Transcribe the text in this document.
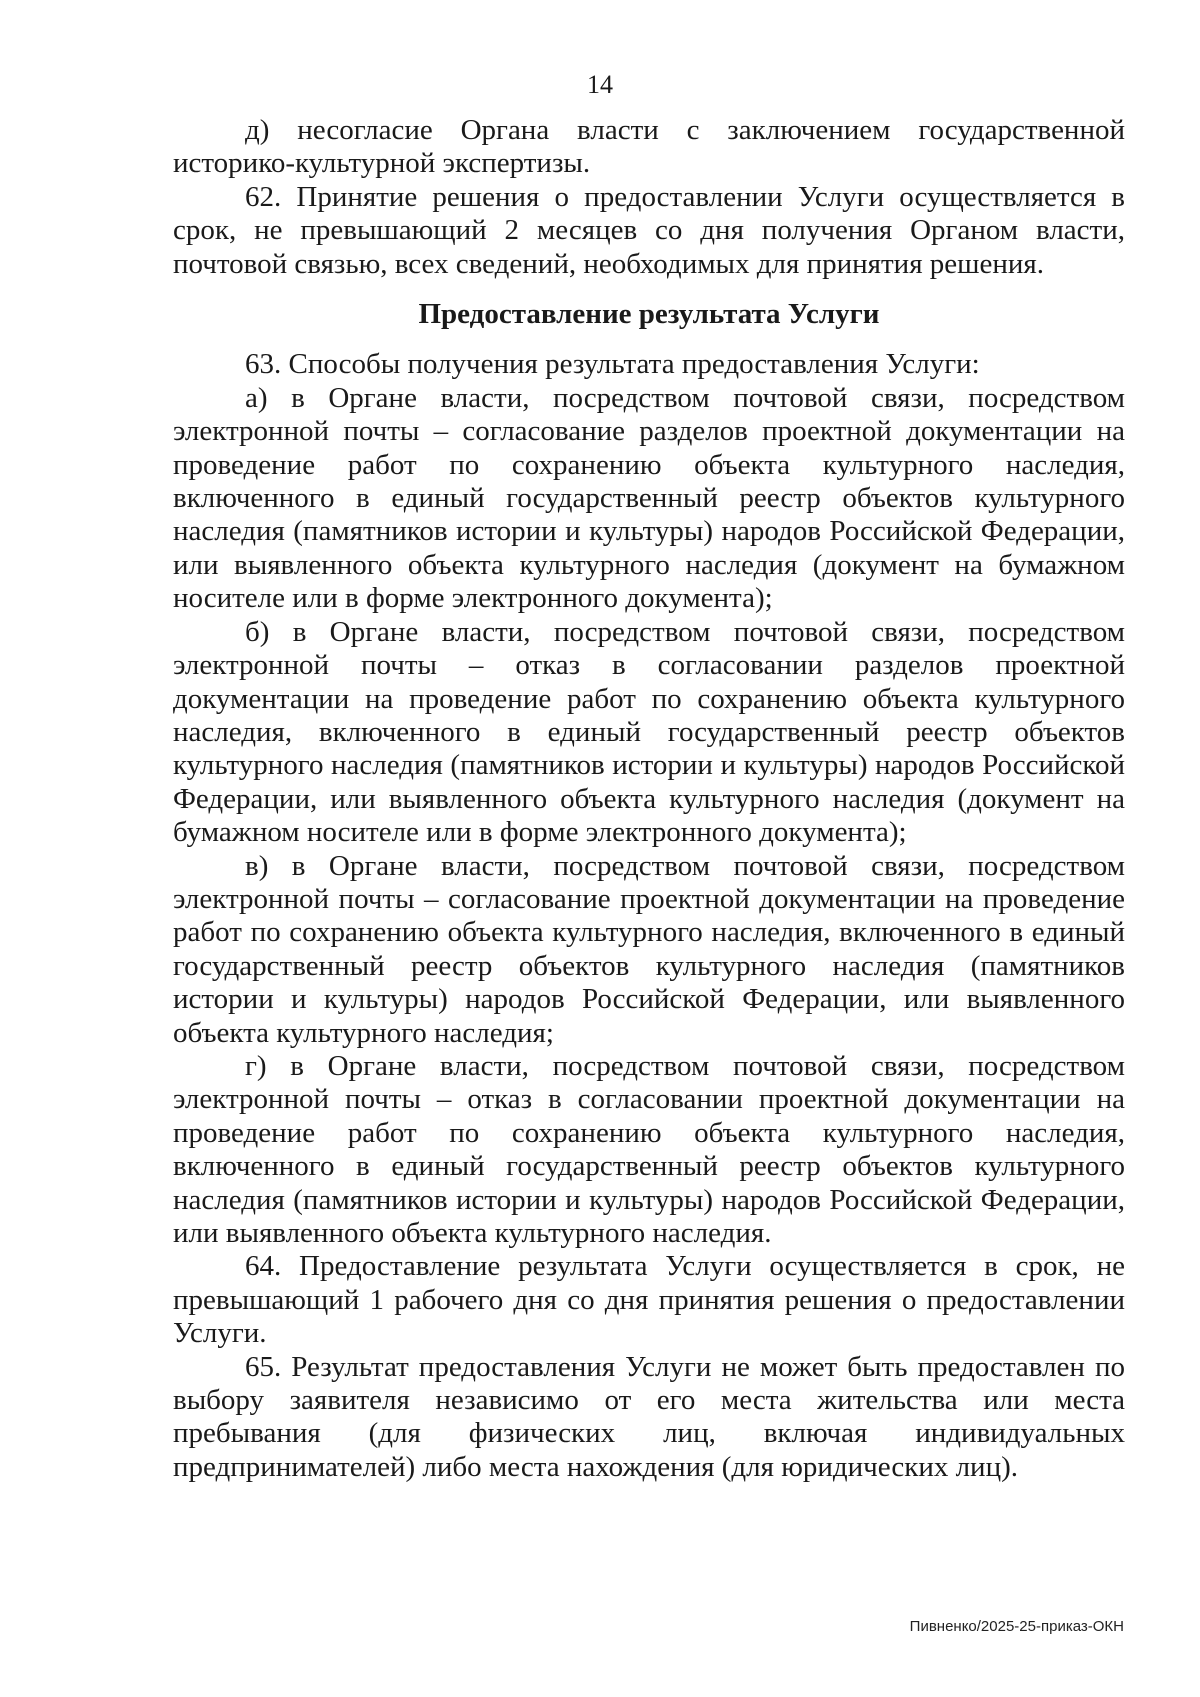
14

д) несогласие Органа власти с заключением государственной историко-культурной экспертизы.

62. Принятие решения о предоставлении Услуги осуществляется в срок, не превышающий 2 месяцев со дня получения Органом власти, почтовой связью, всех сведений, необходимых для принятия решения.

Предоставление результата Услуги

63. Способы получения результата предоставления Услуги:

а) в Органе власти, посредством почтовой связи, посредством электронной почты – согласование разделов проектной документации на проведение работ по сохранению объекта культурного наследия, включенного в единый государственный реестр объектов культурного наследия (памятников истории и культуры) народов Российской Федерации, или выявленного объекта культурного наследия (документ на бумажном носителе или в форме электронного документа);

б) в Органе власти, посредством почтовой связи, посредством электронной почты – отказ в согласовании разделов проектной документации на проведение работ по сохранению объекта культурного наследия, включенного в единый государственный реестр объектов культурного наследия (памятников истории и культуры) народов Российской Федерации, или выявленного объекта культурного наследия (документ на бумажном носителе или в форме электронного документа);

в) в Органе власти, посредством почтовой связи, посредством электронной почты – согласование проектной документации на проведение работ по сохранению объекта культурного наследия, включенного в единый государственный реестр объектов культурного наследия (памятников истории и культуры) народов Российской Федерации, или выявленного объекта культурного наследия;

г) в Органе власти, посредством почтовой связи, посредством электронной почты – отказ в согласовании проектной документации на проведение работ по сохранению объекта культурного наследия, включенного в единый государственный реестр объектов культурного наследия (памятников истории и культуры) народов Российской Федерации, или выявленного объекта культурного наследия.

64. Предоставление результата Услуги осуществляется в срок, не превышающий 1 рабочего дня со дня принятия решения о предоставлении Услуги.

65. Результат предоставления Услуги не может быть предоставлен по выбору заявителя независимо от его места жительства или места пребывания (для физических лиц, включая индивидуальных предпринимателей) либо места нахождения (для юридических лиц).

Пивненко/2025-25-приказ-ОКН
